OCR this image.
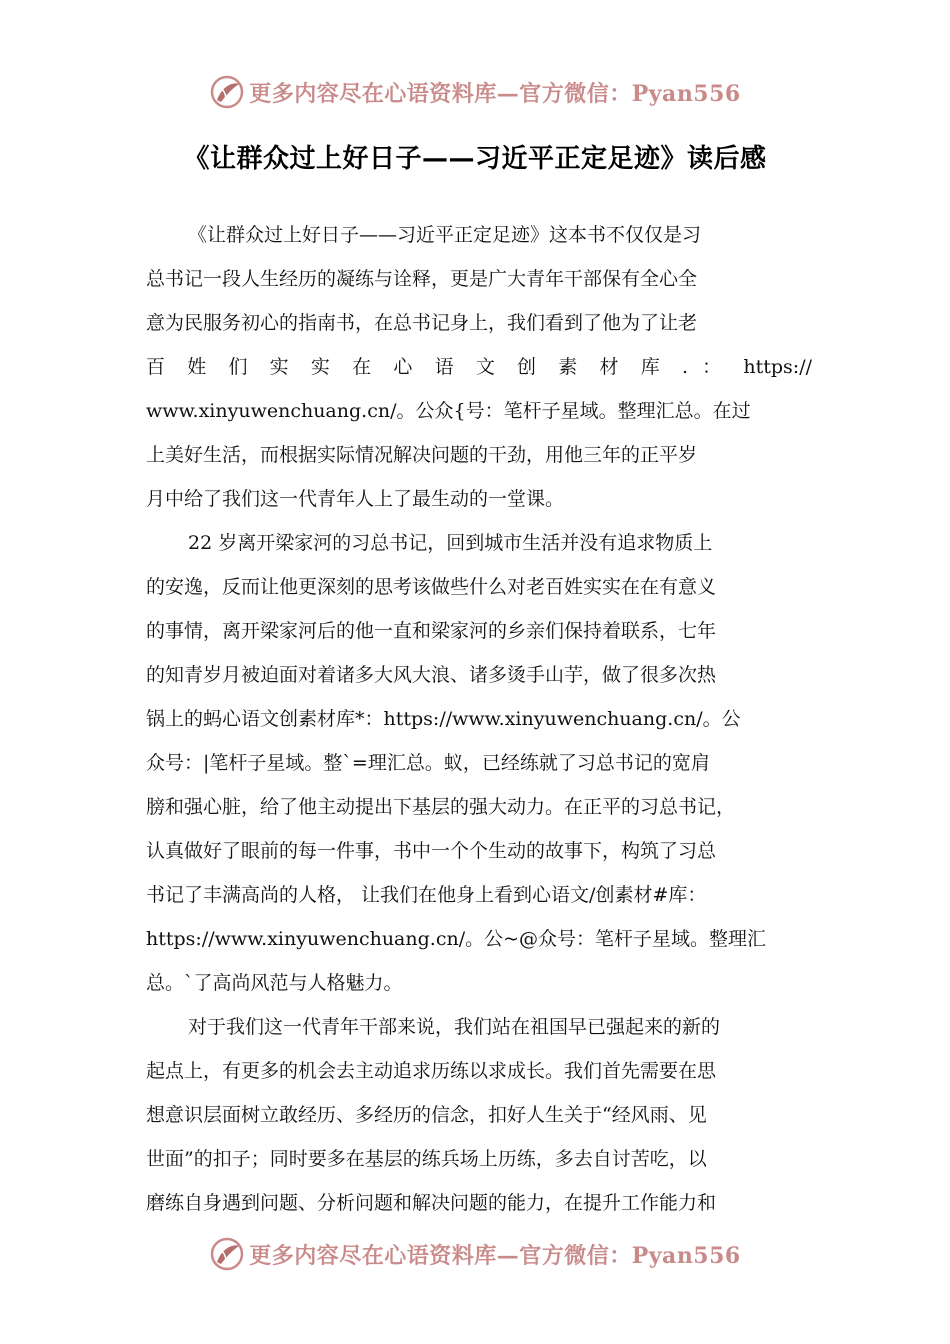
更多内容尽在心语资料库—官方微信：Pyan556
《让群众过上好日子——习近平正定足迹》读后感
《让群众过上好日子——习近平正定足迹》这本书不仅仅是习
总书记一段人生经历的凝练与诠释，更是广大青年干部保有全心全
意为民服务初心的指南书，在总书记身上，我们看到了他为了让老
百 姓 们 实 实 在 心 语 文 创 素 材 库 . ： https://
www.xinyuwenchuang.cn/。公众{号：笔杆子星域。整理汇总。在过
上美好生活，而根据实际情况解决问题的干劲，用他三年的正平岁
月中给了我们这一代青年人上了最生动的一堂课。
22 岁离开梁家河的习总书记，回到城市生活并没有追求物质上
的安逸，反而让他更深刻的思考该做些什么对老百姓实实在在有意义
的事情，离开梁家河后的他一直和梁家河的乡亲们保持着联系，七年
的知青岁月被迫面对着诸多大风大浪、诸多烫手山芋，做了很多次热
锅上的蚂心语文创素材库*：https://www.xinyuwenchuang.cn/。公
众号：|笔杆子星域。整`=理汇总。蚁，已经练就了习总书记的宽肩
膀和强心脏，给了他主动提出下基层的强大动力。在正平的习总书记，
认真做好了眼前的每一件事，书中一个个生动的故事下，构筑了习总
书记了丰满高尚的人格， 让我们在他身上看到心语文/创素材#库：
https://www.xinyuwenchuang.cn/。公~@众号：笔杆子星域。整理汇
总。`了高尚风范与人格魅力。
对于我们这一代青年干部来说，我们站在祖国早已强起来的新的
起点上，有更多的机会去主动追求历练以求成长。我们首先需要在思
想意识层面树立敢经历、多经历的信念，扣好人生关于“经风雨、见
世面”的扣子；同时要多在基层的练兵场上历练，多去自讨苦吃，以
磨练自身遇到问题、分析问题和解决问题的能力，在提升工作能力和
更多内容尽在心语资料库—官方微信：Pyan556
